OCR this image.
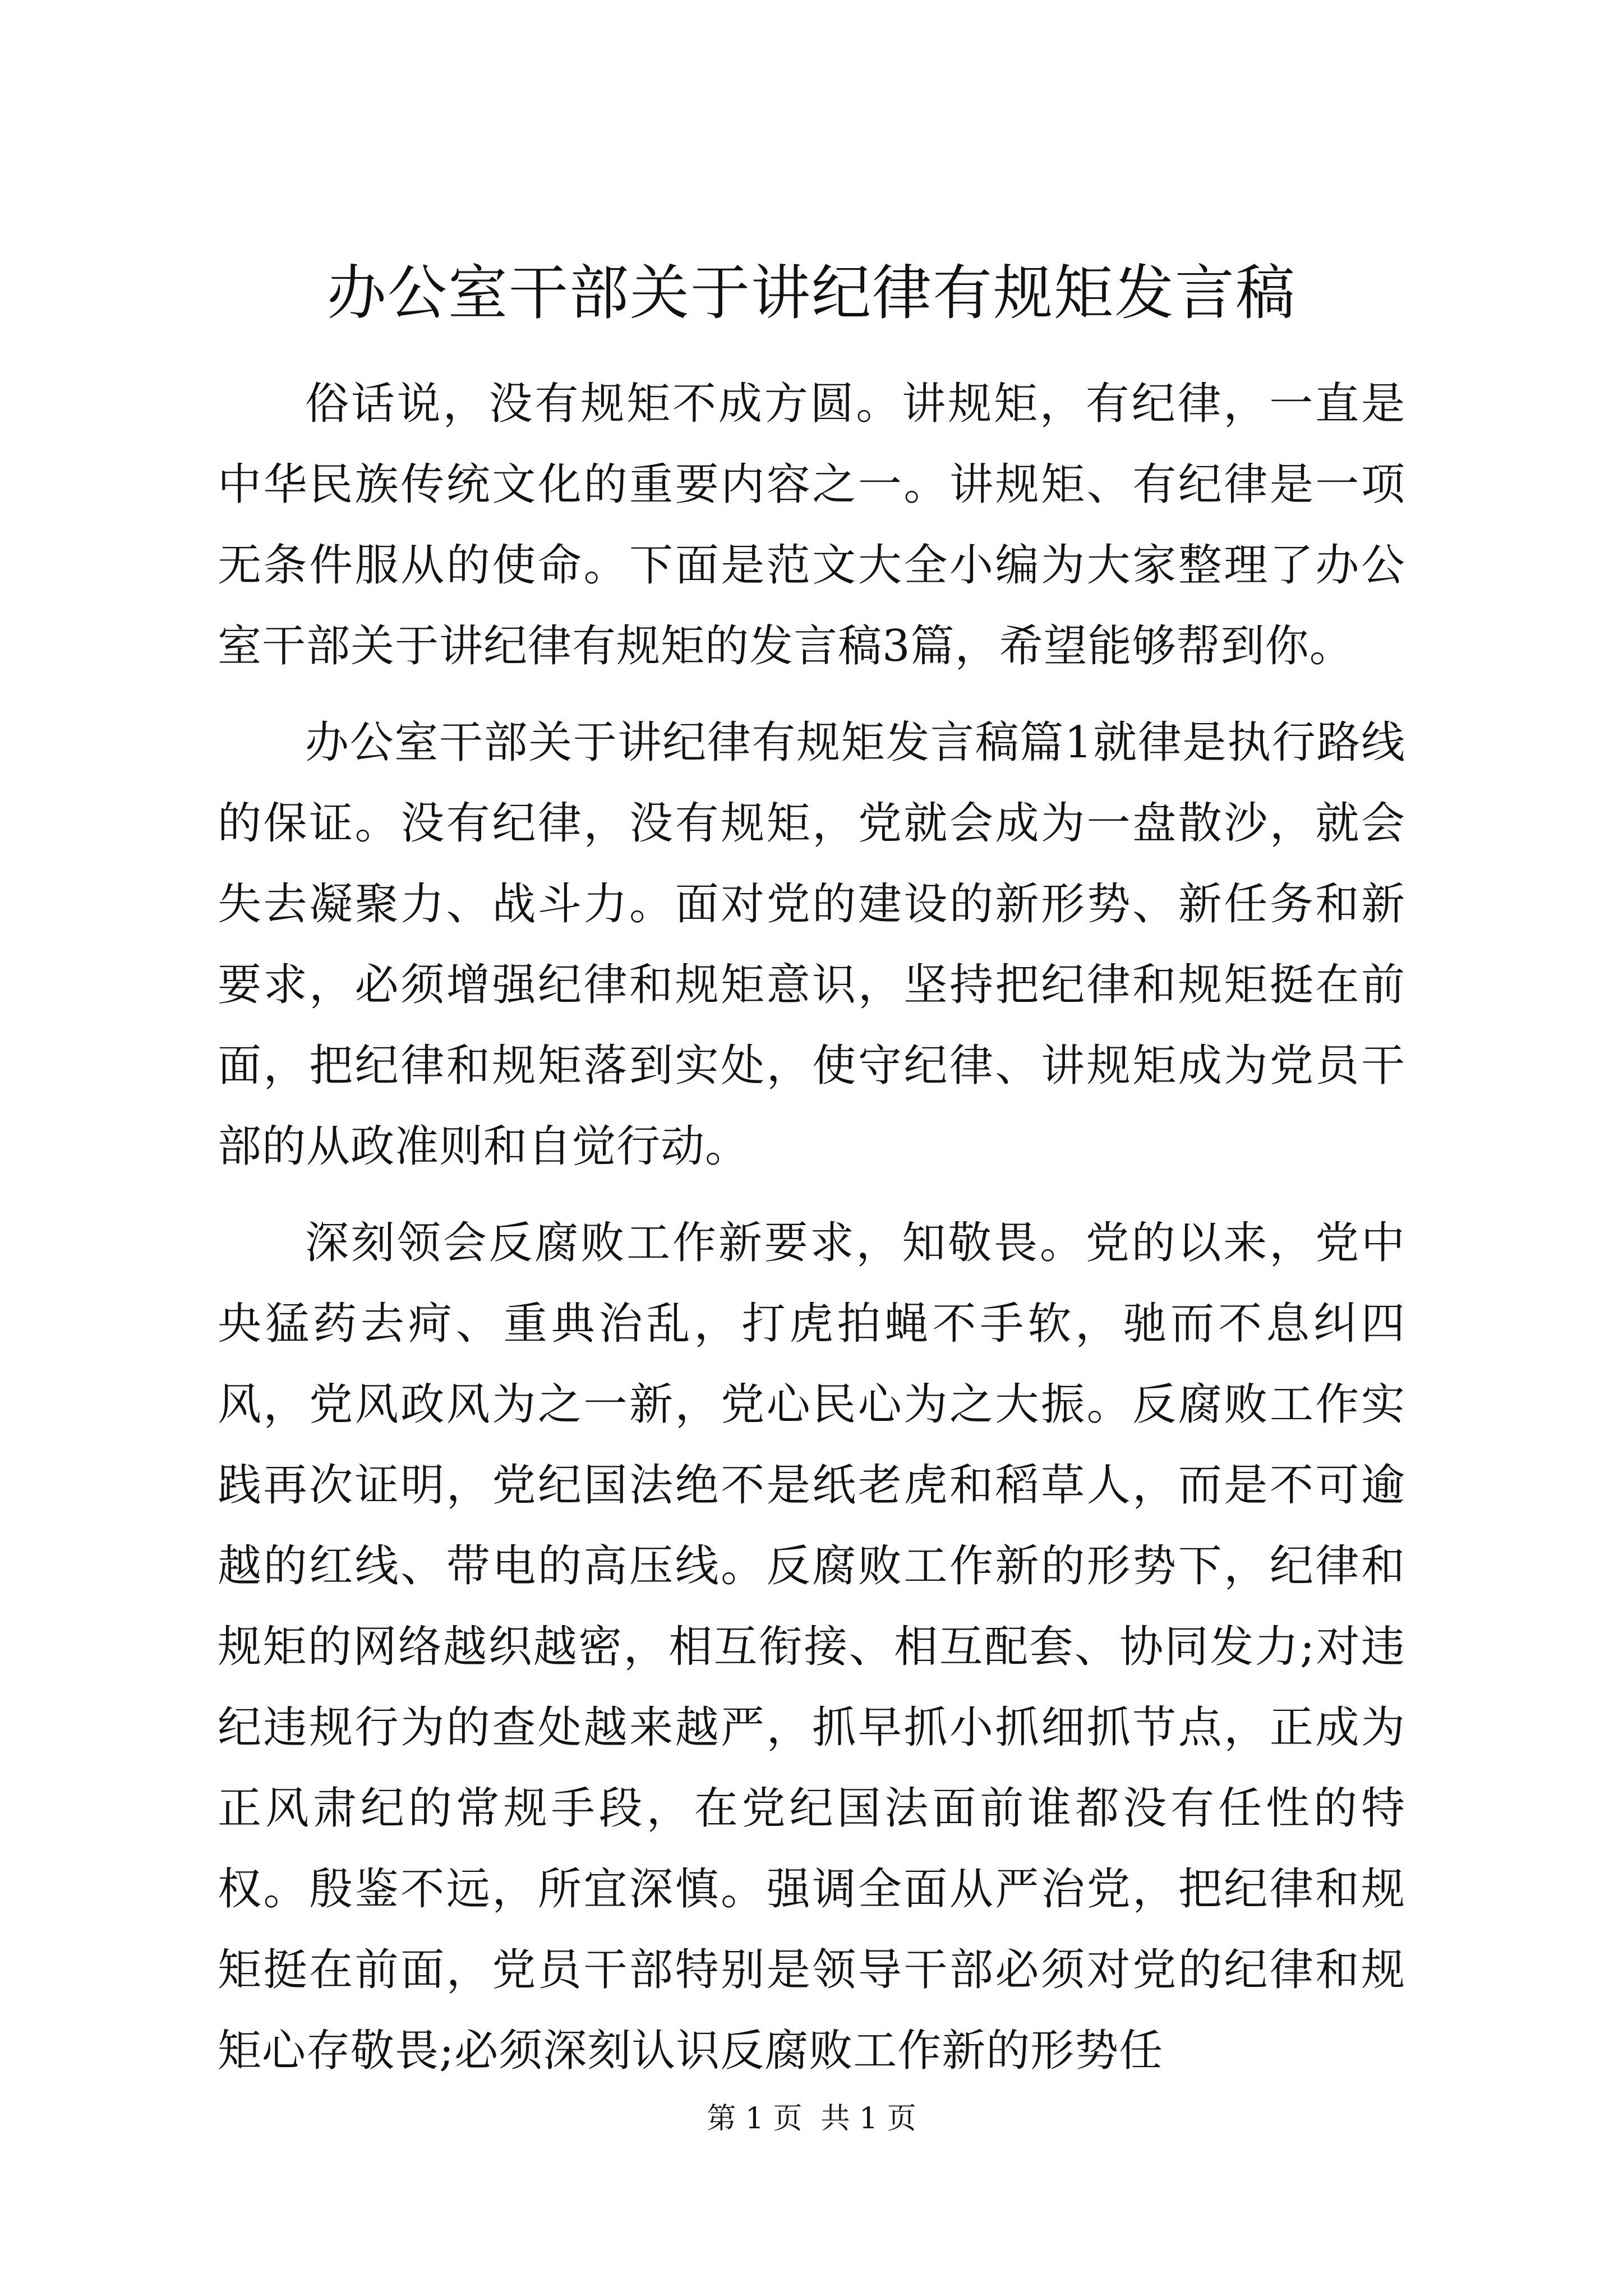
办公室干部关于讲纪律有规矩发言稿

俗话说，没有规矩不成方圆。讲规矩，有纪律，一直是中华民族传统文化的重要内容之一。讲规矩、有纪律是一项无条件服从的使命。下面是范文大全小编为大家整理了办公室干部关于讲纪律有规矩的发言稿3篇，希望能够帮到你。

办公室干部关于讲纪律有规矩发言稿篇1就律是执行路线的保证。没有纪律，没有规矩，党就会成为一盘散沙，就会失去凝聚力、战斗力。面对党的建设的新形势、新任务和新要求，必须增强纪律和规矩意识，坚持把纪律和规矩挺在前面，把纪律和规矩落到实处，使守纪律、讲规矩成为党员干部的从政准则和自觉行动。

深刻领会反腐败工作新要求，知敬畏。党的以来，党中央猛药去疴、重典治乱，打虎拍蝇不手软，驰而不息纠四风，党风政风为之一新，党心民心为之大振。反腐败工作实践再次证明，党纪国法绝不是纸老虎和稻草人，而是不可逾越的红线、带电的高压线。反腐败工作新的形势下，纪律和规矩的网络越织越密，相互衔接、相互配套、协同发力;对违纪违规行为的查处越来越严，抓早抓小抓细抓节点，正成为正风肃纪的常规手段，在党纪国法面前谁都没有任性的特权。殷鉴不远，所宜深慎。强调全面从严治党，把纪律和规矩挺在前面，党员干部特别是领导干部必须对党的纪律和规矩心存敬畏;必须深刻认识反腐败工作新的形势任

第 1 页  共 1 页
